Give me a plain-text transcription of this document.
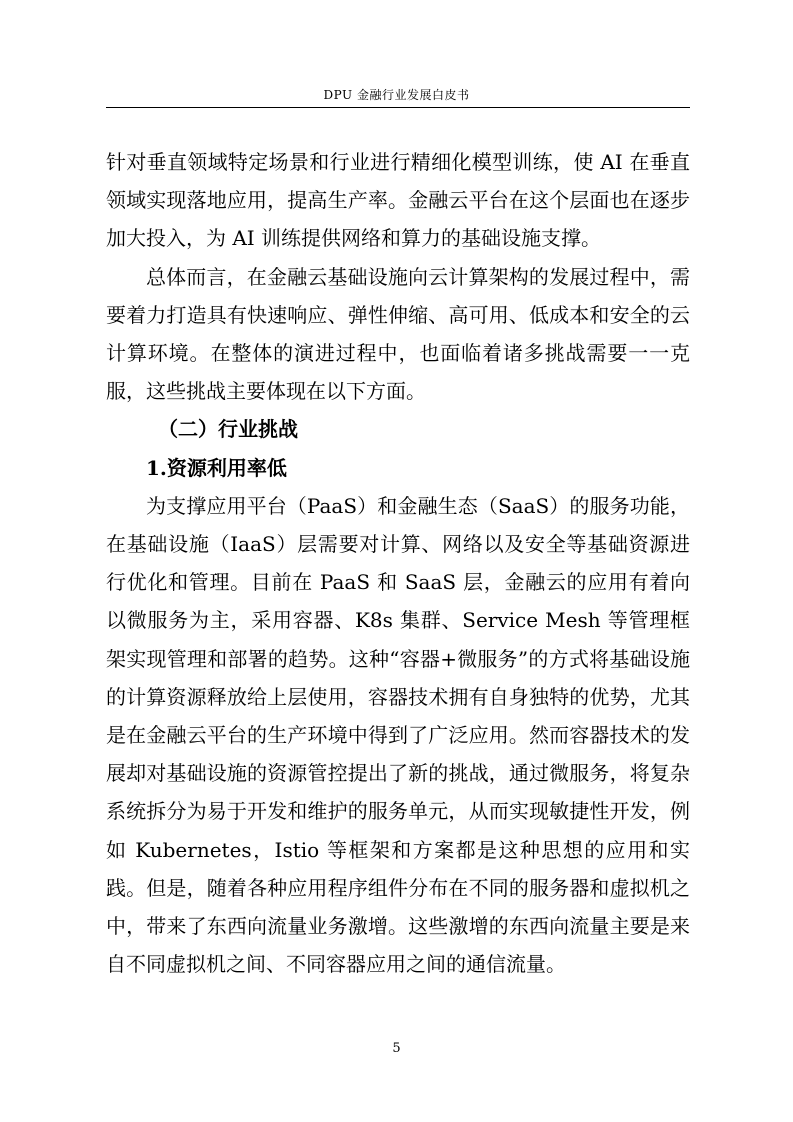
DPU 金融行业发展白皮书

针对垂直领域特定场景和行业进行精细化模型训练，使 AI 在垂直领域实现落地应用，提高生产率。金融云平台在这个层面也在逐步加大投入，为 AI 训练提供网络和算力的基础设施支撑。

总体而言，在金融云基础设施向云计算架构的发展过程中，需要着力打造具有快速响应、弹性伸缩、高可用、低成本和安全的云计算环境。在整体的演进过程中，也面临着诸多挑战需要一一克服，这些挑战主要体现在以下方面。

（二）行业挑战

1.资源利用率低

为支撑应用平台（PaaS）和金融生态（SaaS）的服务功能，在基础设施（IaaS）层需要对计算、网络以及安全等基础资源进行优化和管理。目前在 PaaS 和 SaaS 层，金融云的应用有着向以微服务为主，采用容器、K8s 集群、Service Mesh 等管理框架实现管理和部署的趋势。这种“容器+微服务”的方式将基础设施的计算资源释放给上层使用，容器技术拥有自身独特的优势，尤其是在金融云平台的生产环境中得到了广泛应用。然而容器技术的发展却对基础设施的资源管控提出了新的挑战，通过微服务，将复杂系统拆分为易于开发和维护的服务单元，从而实现敏捷性开发，例如 Kubernetes，Istio 等框架和方案都是这种思想的应用和实践。但是，随着各种应用程序组件分布在不同的服务器和虚拟机之中，带来了东西向流量业务激增。这些激增的东西向流量主要是来自不同虚拟机之间、不同容器应用之间的通信流量。

5
